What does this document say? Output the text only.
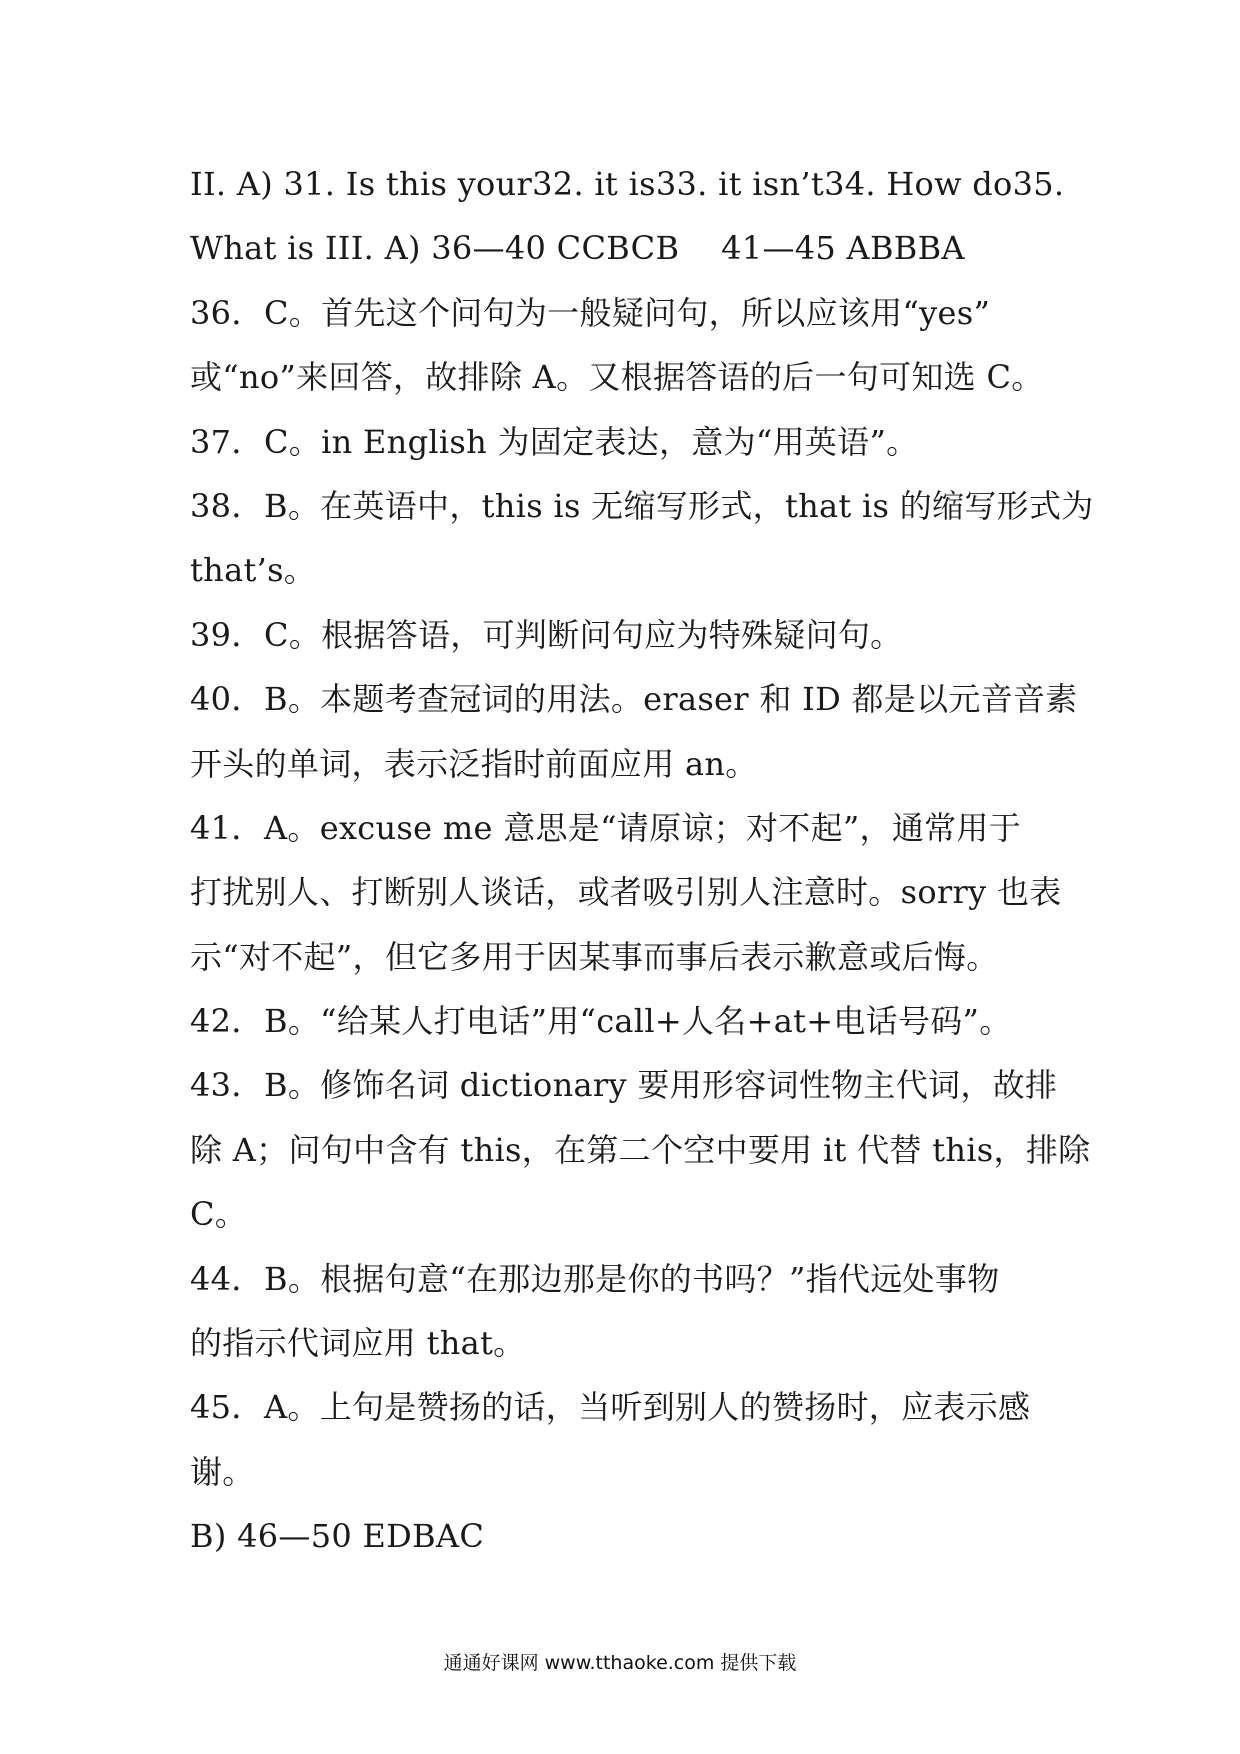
II. A) 31. Is this your 32. it is 33. it isn’t 34. How do 35.
What is III. A) 36—40 CCBCB    41—45 ABBBA
36．C。首先这个问句为一般疑问句，所以应该用“yes”
或“no”来回答，故排除 A。又根据答语的后一句可知选 C。
37．C。in English 为固定表达，意为“用英语”。
38．B。在英语中，this is 无缩写形式，that is 的缩写形式为
that’s。
39．C。根据答语，可判断问句应为特殊疑问句。
40．B。本题考查冠词的用法。eraser 和 ID 都是以元音音素
开头的单词，表示泛指时前面应用 an。
41．A。excuse me 意思是“请原谅；对不起”，通常用于
打扰别人、打断别人谈话，或者吸引别人注意时。sorry 也表
示“对不起”，但它多用于因某事而事后表示歉意或后悔。
42．B。“给某人打电话”用“call+人名+at+电话号码”。
43．B。修饰名词 dictionary 要用形容词性物主代词，故排
除 A；问句中含有 this，在第二个空中要用 it 代替 this，排除
C。
44．B。根据句意“在那边那是你的书吗？”指代远处事物
的指示代词应用 that。
45．A。上句是赞扬的话，当听到别人的赞扬时，应表示感
谢。
B) 46—50 EDBAC
通通好课网 www.tthaoke.com 提供下载
